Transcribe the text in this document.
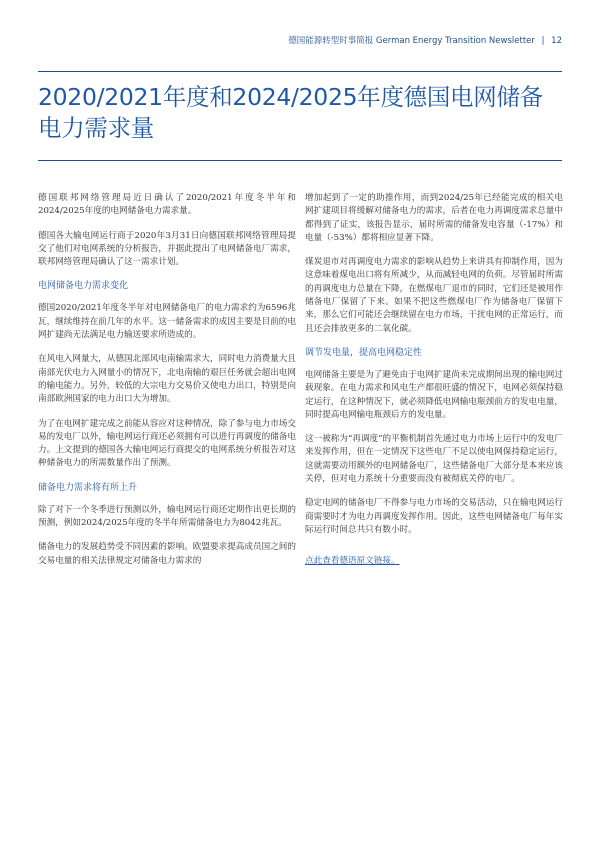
德国能源转型时事简报 German Energy Transition Newsletter | 12
2020/2021年度和2024/2025年度德国电网储备电力需求量

德国联邦网络管理局近日确认了2020/2021年度冬半年和2024/2025年度的电网储备电力需求量。

德国各大输电网运行商于2020年3月31日向德国联邦网络管理局提交了他们对电网系统的分析报告，并据此提出了电网储备电厂需求，联邦网络管理局确认了这一需求计划。

电网储备电力需求变化

德国2020/2021年度冬半年对电网储备电厂的电力需求约为6596兆瓦，继续维持在前几年的水平。这一储备需求的成因主要是目前的电网扩建尚无法满足电力输送要求所造成的。

在风电入网量大，从德国北部风电南输需求大，同时电力消费量大且南部光伏电力入网量小的情况下，北电南输的艰巨任务就会超出电网的输电能力。另外，较低的大宗电力交易价又使电力出口，特别是向南部欧洲国家的电力出口大为增加。

为了在电网扩建完成之前能从容应对这种情况，除了参与电力市场交易的发电厂以外，输电网运行商还必须拥有可以进行再调度的储备电力。上文提到的德国各大输电网运行商提交的电网系统分析报告对这种储备电力的所需数量作出了预测。

储备电力需求将有所上升

除了对下一个冬季进行预测以外，输电网运行商还定期作出更长期的预测，例如2024/2025年度的冬半年所需储备电力为8042兆瓦。

储备电力的发展趋势受不同因素的影响。欧盟要求提高成员国之间的交易电量的相关法律规定对储备电力需求的

增加起到了一定的助推作用，而到2024/25年已经能完成的相关电网扩建项目将缓解对储备电力的需求，后者在电力再调度需求总量中都得到了证实，该报告显示，届时所需的储备发电容量（-17%）和电量（-53%）都将相应显著下降。

煤炭退市对再调度电力需求的影响从趋势上来讲具有抑制作用，因为这意味着煤电出口将有所减少，从而减轻电网的负荷。尽管届时所需的再调度电力总量在下降，在燃煤电厂退市的同时，它们还是被用作储备电厂保留了下来。如果不把这些燃煤电厂作为储备电厂保留下来，那么它们可能还会继续留在电力市场，干扰电网的正常运行，而且还会排放更多的二氧化碳。

调节发电量，提高电网稳定性

电网储备主要是为了避免由于电网扩建尚未完成期间出现的输电网过载现象。在电力需求和风电生产都很旺盛的情况下，电网必须保持稳定运行，在这种情况下，就必须降低电网输电瓶颈前方的发电电量，同时提高电网输电瓶颈后方的发电量。

这一被称为“再调度”的平衡机制首先通过电力市场上运行中的发电厂来发挥作用，但在一定情况下这些电厂不足以使电网保持稳定运行，这就需要动用额外的电网储备电厂，这些储备电厂大部分是本来应该关停，但对电力系统十分重要而没有被彻底关停的电厂。

稳定电网的储备电厂不得参与电力市场的交易活动，只在输电网运行商需要时才为电力再调度发挥作用。因此，这些电网储备电厂每年实际运行时间总共只有数小时。

点此查看德语原文链接。
